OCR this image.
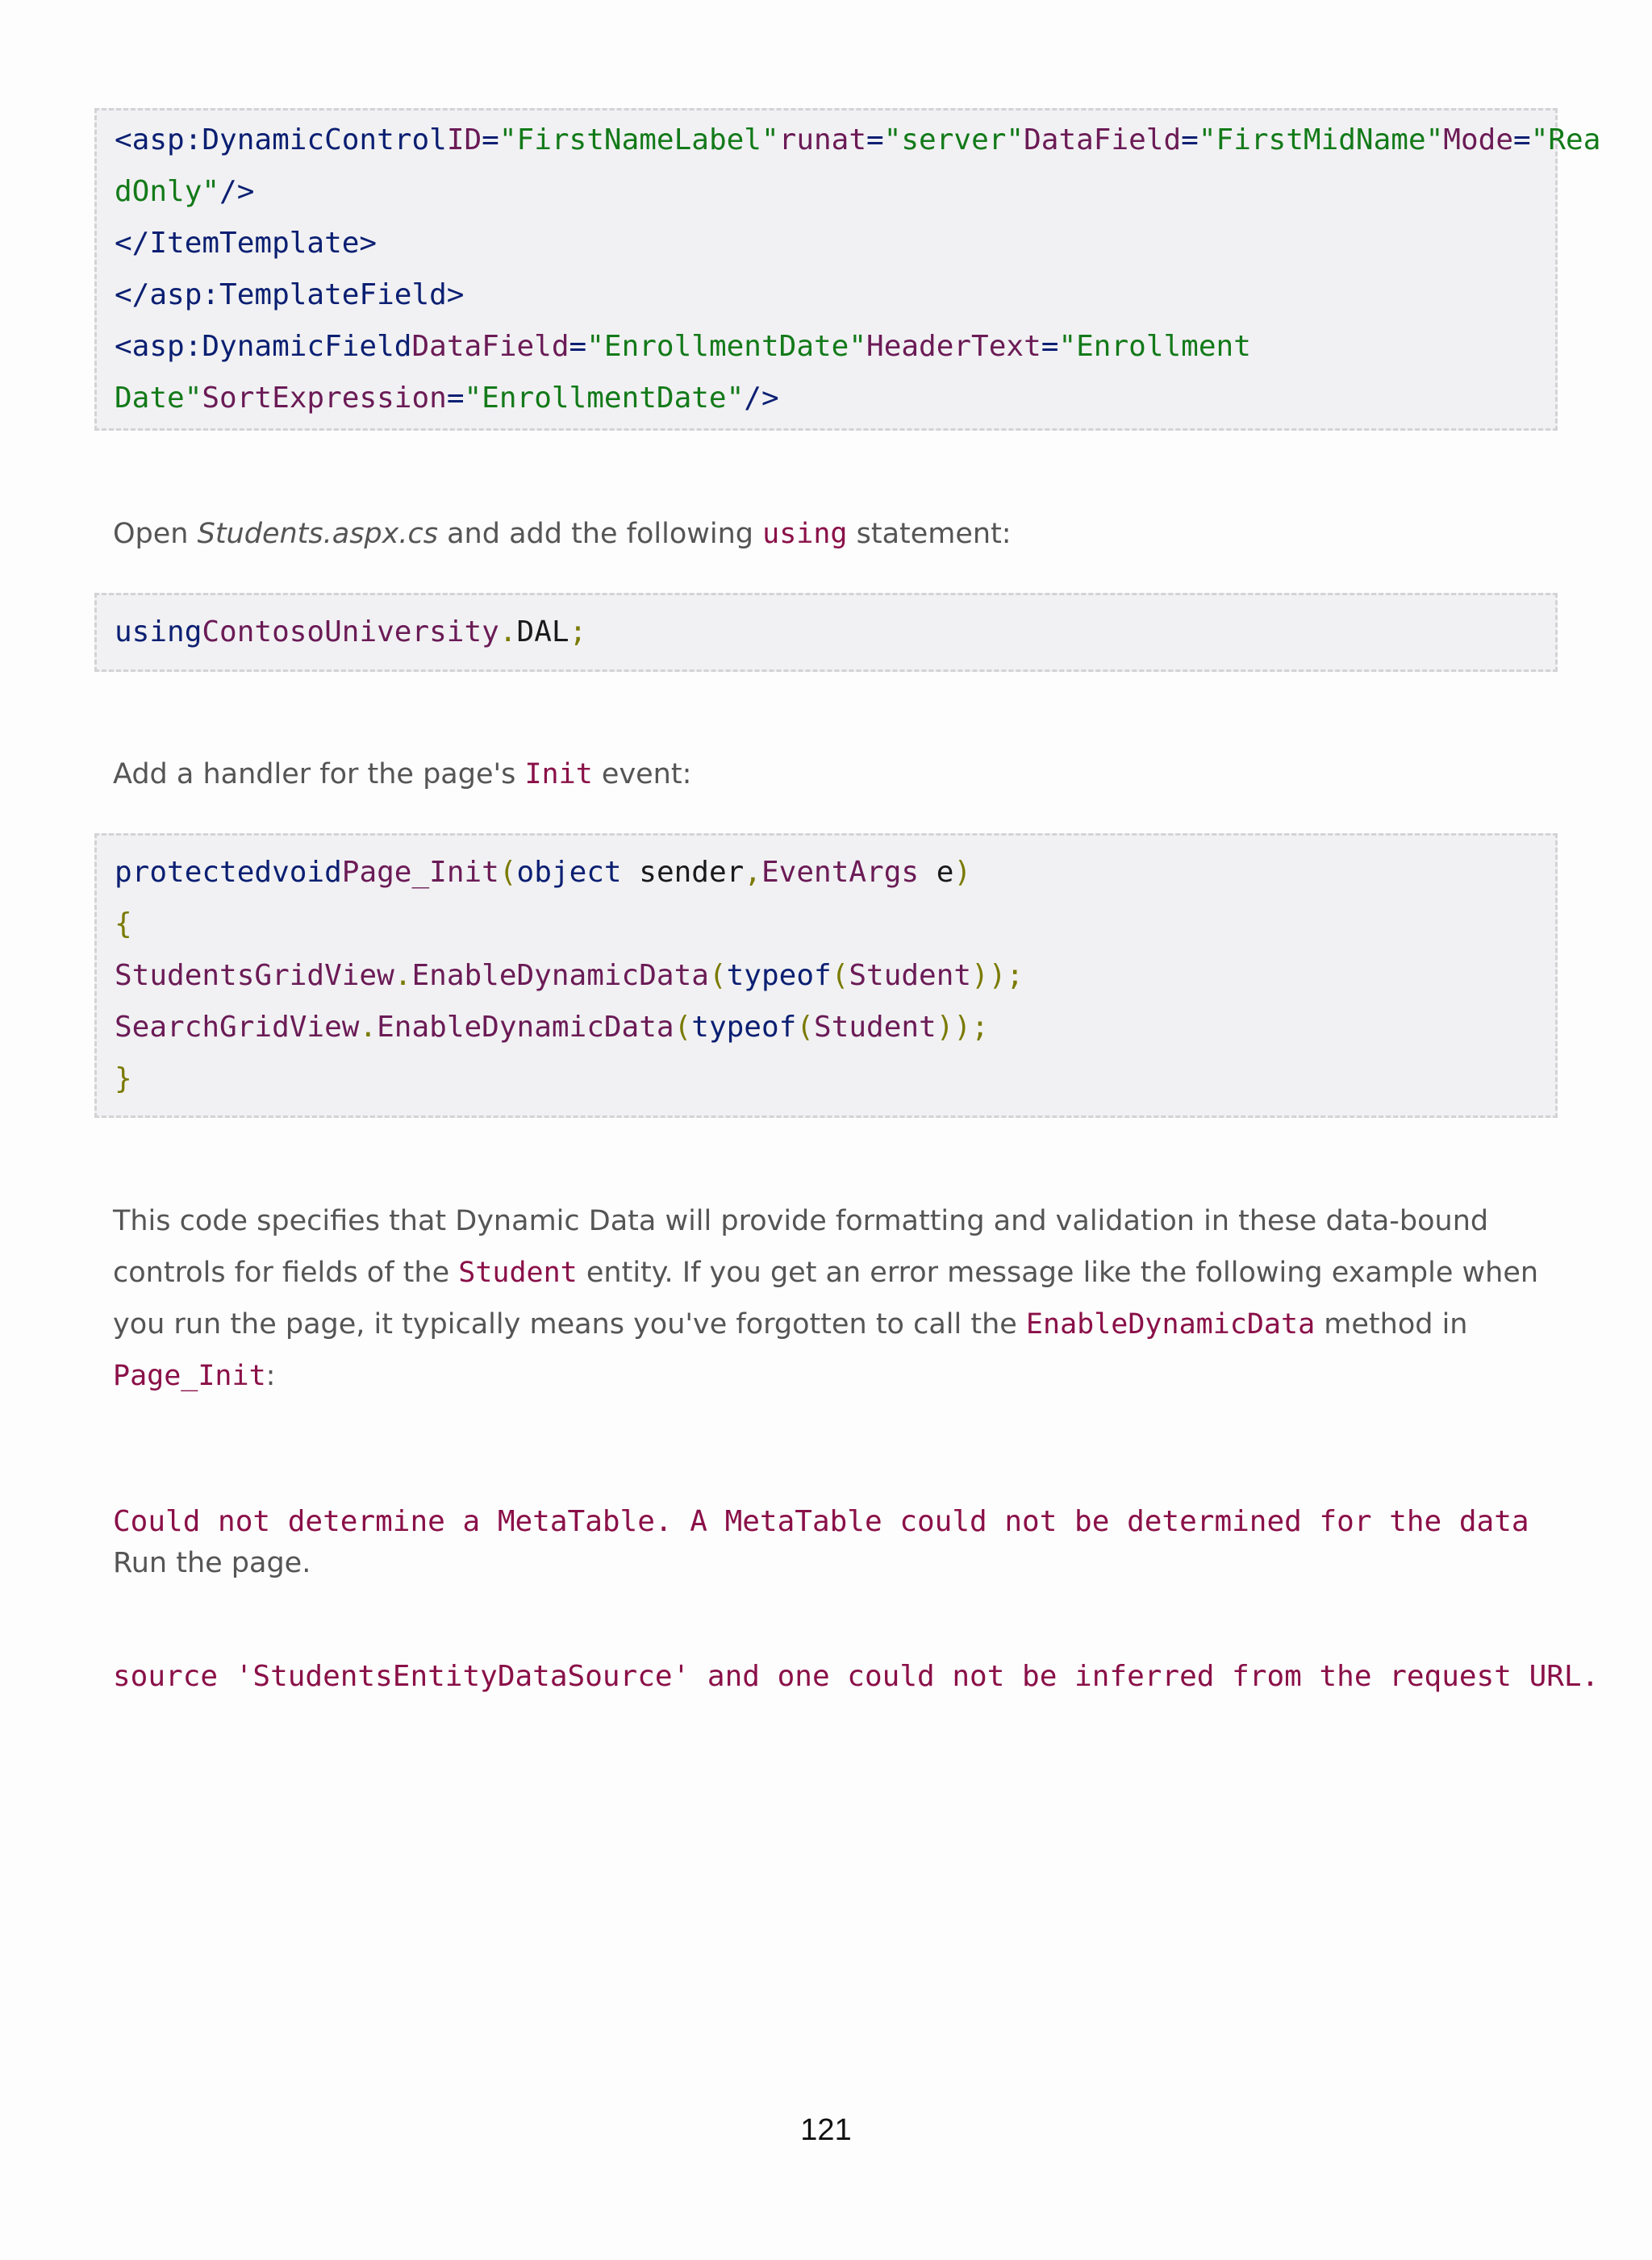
<asp:DynamicControlID="FirstNameLabel"runat="server"DataField="FirstMidName"Mode="Rea
dOnly"/>
</ItemTemplate>
</asp:TemplateField>
<asp:DynamicFieldDataField="EnrollmentDate"HeaderText="Enrollment
Date"SortExpression="EnrollmentDate"/>
Open Students.aspx.cs and add the following using statement:
usingContosoUniversity.DAL;
Add a handler for the page's Init event:
protectedvoidPage_Init(object sender,EventArgs e)
{
StudentsGridView.EnableDynamicData(typeof(Student));
SearchGridView.EnableDynamicData(typeof(Student));
}
This code specifies that Dynamic Data will provide formatting and validation in these data-bound controls for fields of the Student entity. If you get an error message like the following example when you run the page, it typically means you've forgotten to call the EnableDynamicData method in Page_Init:

Could not determine a MetaTable. A MetaTable could not be determined for the data

source 'StudentsEntityDataSource' and one could not be inferred from the request URL.

Run the page.
121
